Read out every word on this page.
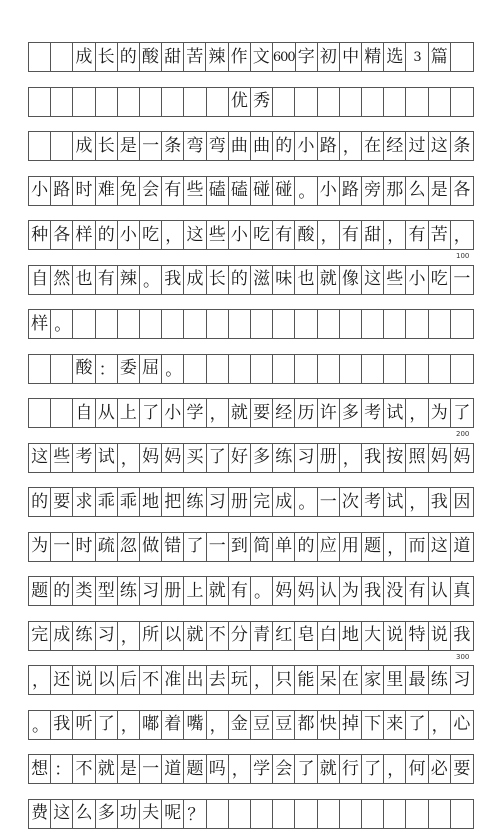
成 长 的 酸 甜 苦 辣 作 文 600 字 初 中 精 选 3 篇
优 秀
成 长 是 一 条 弯 弯 曲 曲 的 小 路 ， 在 经 过 这 条
小 路 时 难 免 会 有 些 磕 磕 碰 碰 。 小 路 旁 那 么 是 各
种 各 样 的 小 吃 ， 这 些 小 吃 有 酸 ， 有 甜 ， 有 苦 ，
自 然 也 有 辣 。 我 成 长 的 滋 味 也 就 像 这 些 小 吃 一
样 。
酸 ： 委 屈 。
自 从 上 了 小 学 ， 就 要 经 历 许 多 考 试 ， 为 了
这 些 考 试 ， 妈 妈 买 了 好 多 练 习 册 ， 我 按 照 妈 妈
的 要 求 乖 乖 地 把 练 习 册 完 成 。 一 次 考 试 ， 我 因
为 一 时 疏 忽 做 错 了 一 到 简 单 的 应 用 题 ， 而 这 道
题 的 类 型 练 习 册 上 就 有 。 妈 妈 认 为 我 没 有 认 真
完 成 练 习 ， 所 以 就 不 分 青 红 皂 白 地 大 说 特 说 我
， 还 说 以 后 不 准 出 去 玩 ， 只 能 呆 在 家 里 最 练 习
。 我 听 了 ， 嘟 着 嘴 ， 金 豆 豆 都 快 掉 下 来 了 ， 心
想 ： 不 就 是 一 道 题 吗 ， 学 会 了 就 行 了 ， 何 必 要
费 这 么 多 功 夫 呢 ？
100
200
300
